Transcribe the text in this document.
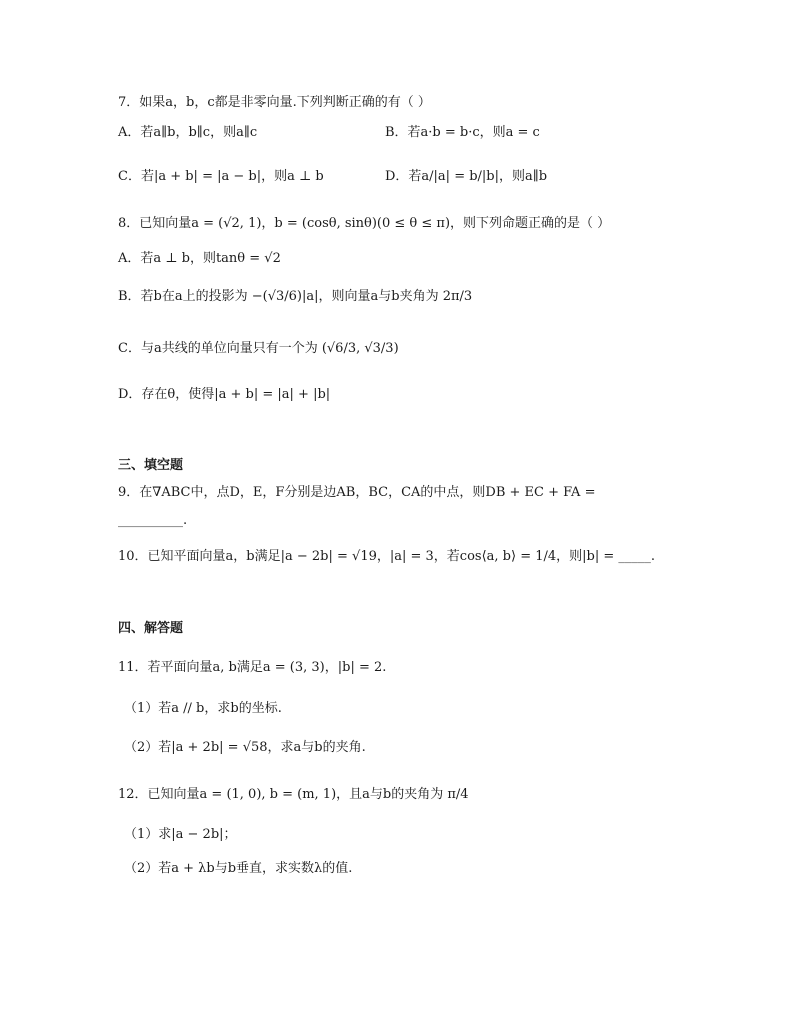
7．如果a，b，c都是非零向量.下列判断正确的有（ ）
A．若a∥b，b∥c，则a∥c	B．若a·b = b·c，则a = c
C．若|a + b| = |a − b|，则a ⊥ b	D．若a/|a| = b/|b|，则a∥b
8．已知向量a = (√2, 1)，b = (cosθ, sinθ)(0 ≤ θ ≤ π)，则下列命题正确的是（ ）
A．若a ⊥ b，则tanθ = √2
B．若b在a上的投影为 −(√3/6)|a|，则向量a与b夹角为 2π/3
C．与a共线的单位向量只有一个为 (√6/3, √3/3)
D．存在θ，使得|a + b| = |a| + |b|
三、填空题
9．在∇ABC中，点D，E，F分别是边AB，BC，CA的中点，则DB + EC + FA =
__________.
10．已知平面向量a，b满足|a − 2b| = √19，|a| = 3，若cos⟨a, b⟩ = 1/4，则|b| = _____.
四、解答题
11．若平面向量a, b满足a = (3, 3)，|b| = 2.
（1）若a // b，求b的坐标.
（2）若|a + 2b| = √58，求a与b的夹角.
12．已知向量a = (1, 0), b = (m, 1)，且a与b的夹角为 π/4
（1）求|a − 2b|；
（2）若a + λb与b垂直，求实数λ的值.
